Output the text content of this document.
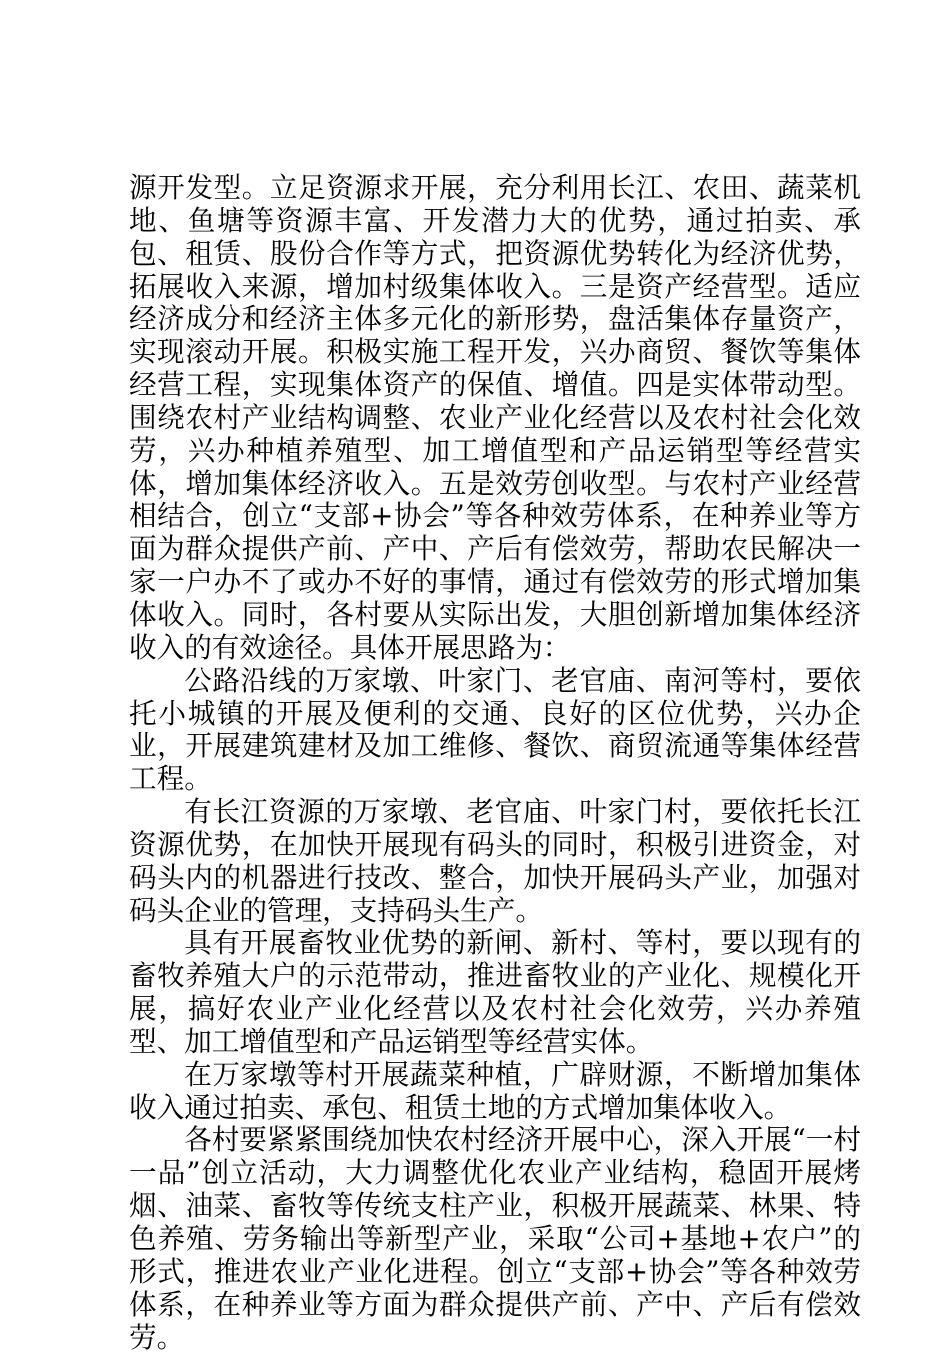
源开发型。立足资源求开展，充分利用长江、农田、蔬菜机地、鱼塘等资源丰富、开发潜力大的优势，通过拍卖、承包、租赁、股份合作等方式，把资源优势转化为经济优势，拓展收入来源，增加村级集体收入。三是资产经营型。适应经济成分和经济主体多元化的新形势，盘活集体存量资产，实现滚动开展。积极实施工程开发，兴办商贸、餐饮等集体经营工程，实现集体资产的保值、增值。四是实体带动型。围绕农村产业结构调整、农业产业化经营以及农村社会化效劳，兴办种植养殖型、加工增值型和产品运销型等经营实体，增加集体经济收入。五是效劳创收型。与农村产业经营相结合，创立“支部+协会”等各种效劳体系，在种养业等方面为群众提供产前、产中、产后有偿效劳，帮助农民解决一家一户办不了或办不好的事情，通过有偿效劳的形式增加集体收入。同时，各村要从实际出发，大胆创新增加集体经济收入的有效途径。具体开展思路为：

公路沿线的万家墩、叶家门、老官庙、南河等村，要依托小城镇的开展及便利的交通、良好的区位优势，兴办企业，开展建筑建材及加工维修、餐饮、商贸流通等集体经营工程。

有长江资源的万家墩、老官庙、叶家门村，要依托长江资源优势，在加快开展现有码头的同时，积极引进资金，对码头内的机器进行技改、整合，加快开展码头产业，加强对码头企业的管理，支持码头生产。

具有开展畜牧业优势的新闸、新村、等村，要以现有的畜牧养殖大户的示范带动，推进畜牧业的产业化、规模化开展，搞好农业产业化经营以及农村社会化效劳，兴办养殖型、加工增值型和产品运销型等经营实体。

在万家墩等村开展蔬菜种植，广辟财源，不断增加集体收入通过拍卖、承包、租赁土地的方式增加集体收入。

各村要紧紧围绕加快农村经济开展中心，深入开展“一村一品”创立活动，大力调整优化农业产业结构，稳固开展烤烟、油菜、畜牧等传统支柱产业，积极开展蔬菜、林果、特色养殖、劳务输出等新型产业，采取“公司+基地+农户”的形式，推进农业产业化进程。创立“支部+协会”等各种效劳体系，在种养业等方面为群众提供产前、产中、产后有偿效劳。
